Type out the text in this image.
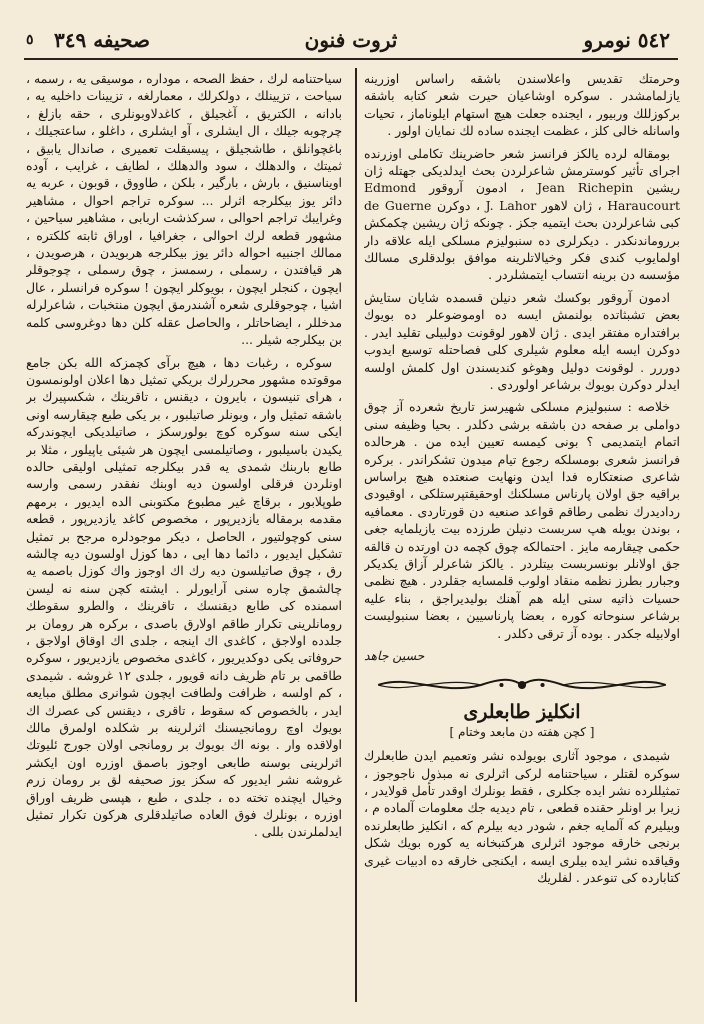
٥٤٢ نومرو
ثروت فنون
صحيفه ٣٤٩
٥

وحرمتك تقديس واعلاسندن باشقه راساس اوزرينه يازلمامشدر . سوكره اوشاعيان حيرت شعر كتابه باشقه بركوزللك وربيور ، ايجنده جعلت هيچ استهام ايلوناماز ، تحيات واسانله خالى كلز ، عظمت ايجنده ساده لك نمايان اولور .

بومقاله لرده يالكز فرانسز شعر حاضرينك تكاملى اوزرنده اجراى تأثير كوسترمش شاعرلردن بحث ايدلديكى جهتله ژان ريشين Jean Richepin ، ادمون آروقور Edmond Haraucourt ، ژان لاهور J. Lahor ، دوكرن de Guerne كبى شاعرلردن بحث ايتميه جكز . چونكه ژان ريشين چكمكش برروماندنكدر . ديكرلرى ده سنبوليزم مسلكى ايله علاقه دار اولمايوب كندى فكر وخيالاتلرينه موافق بولدقلرى مسالك مؤسسه دن برينه انتساب ايتمشلردر .

ادمون آروقور بوكسك شعر دنيلن قسمده شايان ستايش بعض تشبثاتده بولنمش ايسه ده اوموضوعلر ده بويوك برافتداره مفتقر ايدى . ژان لاهور لوقونت دولبيلى تقليد ايدر . دوكرن ايسه ايله معلوم شيلرى كلى فصاحتله توسيع ايدوب دوررر . لوقونت دوليل وهوغو كنديسندن اول كلمش اولسه ايدلر دوكرن بويوك برشاعر اولوردى .

خلاصه : سنبوليزم مسلكى شهيرسز تاريخ شعرده آز چوق دواملى بر صفحه دن باشقه برشى دكلدر . بحيا وظيفه سنى اتمام ايتمديمى ؟ بونى كيمسه تعيين ايده من . هرحالده فرانسز شعرى بومسلكه رجوع تيام ميدون تشكراندر . بركره شاعرى صنعتكاره فدا ايدن ونهايت صنعتده هيچ براساس براقيه جق اولان پارناس مسلكنك اوحقيقتپرستلكى ، اوقيودى رداديدرك نظمى رطاقم قواعد صنعيه دن قورتاردى . معمافيه ، بوندن بويله هپ سربست دنيلن طرزده بيت يازيلمايه جغى حكمى چيقارمه مايز . احتمالكه چوق كچمه دن اورتده ن قالقه جق اولانلر بونسربست بيتلردر . يالكز شاعرلر آزاق يكديكر وجبارر بطرز نظمه منقاد اولوب قلمسايه جقلردر . هيچ نظمى حسيات ذاتيه سنى ايله هم آهنك بوليديراجق ، بناء عليه برشاعر سنوحاته كوره ، بعضا پارناسيين ، بعضا سنبوليست اولابيله جكدر . بوده آز ترقى دكلدر .

حسين جاهد
انكليز طابعلرى
[ كچن هفته دن مابعد وختام ]

شيمدى ، موجود آثارى بويولده نشر وتعميم ايدن طابعلرك سوكره لقتلر ، سياحتنامه لركى اثرلرى نه مبذول ناجوجوز ، تمثيللرده نشر ايده جكلرى ، فقط بونلرك اوقدر تأمل قولايدر ، زيرا بر اونلر حقنده قطعى ، تام ديديه جك معلومات آلماده م ، وبيليرم كه آلمايه جغم ، شودر ديه بيلرم كه ، انكليز طابعلرنده برنجى خارقه موجود اثرلرى هركتبخانه يه كوره بويك شكل وقياقده نشر ايده بيلرى ايسه ، ايكنجى خارقه ده ادبيات غيرى كتابارده كى تنوعدر . لفلريك

سياحتنامه لرك ، حفظ الصحه ، موداره ، موسيقى يه ، رسمه ، سياحت ، تزيينلك ، دولكرلك ، معمارلغه ، تزيينات داخليه يه ، بادانه ، الكتريق ، آغجيلق ، كاغدلاوبونلرى ، حقه بازلغ ، چرچوبه جيلك ، ال ايشلرى ، آو ايشلرى ، داغلو ، ساعتجيلك ، باغچوانلق ، طاشجيلق ، پيسيقلت تعميرى ، صاندال يابيق ، ثميتك ، والدهلك ، سود والدهلك ، لطايف ، غرايب ، آوده اويناسنيق ، بارش ، بارگير ، بلكن ، طاووق ، قوبون ، عربه يه دائر يوز بيكلرجه اثرلر ... سوكره تراجم احوال ، مشاهير وغرايبك تراجم احوالى ، سركذشت اربابى ، مشاهير سياحين ، مشهور قطعه لرك احوالى ، جغرافيا ، اوراق ثابته كلكتره ، ممالك اجنبيه احواله دائر يوز بيكلرجه هربويدن ، هرصويدن ، هر قيافتدن ، رسملى ، رسمسز ، چوق رسملى ، چوجوقلر ايچون ، كنجلر ايچون ، بويوكلر ايچون ! سوكره فرانسلر ، عال اشيا ، چوجوقلرى شعره آشندرمق ايچون منتخبات ، شاعرلرله مدخللر ، ايضاحاتلر ، والحاصل عقله كلن دها دوغروسى كلمه بن بيكلرجه شيلر ...

سوكره ، رغبات دها ، هيچ برآى كچمزكه الله بكن جامع موقوتده مشهور محررلرك بريكي تمثيل دها اعلان اولونمسون ، هراى تنيسون ، بايرون ، ديقنس ، تاقرينك ، شكسپيرك بر باشقه تمثيل وار ، وبونلر صاتيلبور ، بر يكى طبع چيقارسه اونى ايكى سنه سوكره كوچ بولورسكز ، صاتيلديكى ايچوندركه يكيدن باسيلبور ، وصاتيلمسى ايچون هر شيئى ياپيلور ، مثلا بر طابع باربنك شمدى يه قدر بيكلرجه تمثيلى اوليقى حالده اونلردن فرقلى اولسون ديه اوبنك نفقدر رسمى وارسه طوپلابور ، برقاچ غير مطبوع مكتوبنى الده ايديور ، برمهم مقدمه برمقاله يازديرپور ، مخصوص كاغد يازديرپور ، قطعه سنى كوچولتيور ، الحاصل ، ديكر موجودلره مرجح بر تمثيل تشكيل ايديور ، دائما دها ايى ، دها كوزل اولسون ديه چالشه رق ، چوق صاتيلسون ديه رك اك اوجوز واك كوزل باصمه يه چالشمق چاره سنى آرايورلر . ايشته كچن سنه نه ليسن اسمنده كى طابع ديقنسك ، تاقرينك ، والطرو سقوطك رومانلرينى تكرار طاقم اولارق باصدى ، بركره هر رومان بر جلدده اولاجق ، كاغدى اك اينجه ، جلدى اك اوقاق اولاجق ، حروفاتى يكى دوكديريور ، كاغدى مخصوص يازديريور ، سوكره طاقمى بر تام ظريف دانه قويور ، جلدى ١٢ غروشه . شيمدى ، كم اولسه ، ظرافت ولطافت ايچون شوانرى مطلق مبايعه ايدر ، بالخصوص كه سقوط ، تاقرى ، ديقنس كى عصرك اك بويوك اوچ رومانجيسنك اثرلرينه بر شكلده اولمرق مالك اولاقده وار . بونه اك بويوك بر رومانجى اولان جورج ئليوتك اثرلرينى بوسنه طابعى اوجوز باصمق اوزره اون ايكشر غروشه نشر ايديور كه سكز يوز صحيفه لق بر رومان زرم وخيال ايچنده تخته ده ، جلدى ، طبع ، هپسى ظريف اوراق اوزره ، بونلرك فوق العاده صاتيلدقلرى هركون تكرار تمثيل ايدلملرندن بللى .
